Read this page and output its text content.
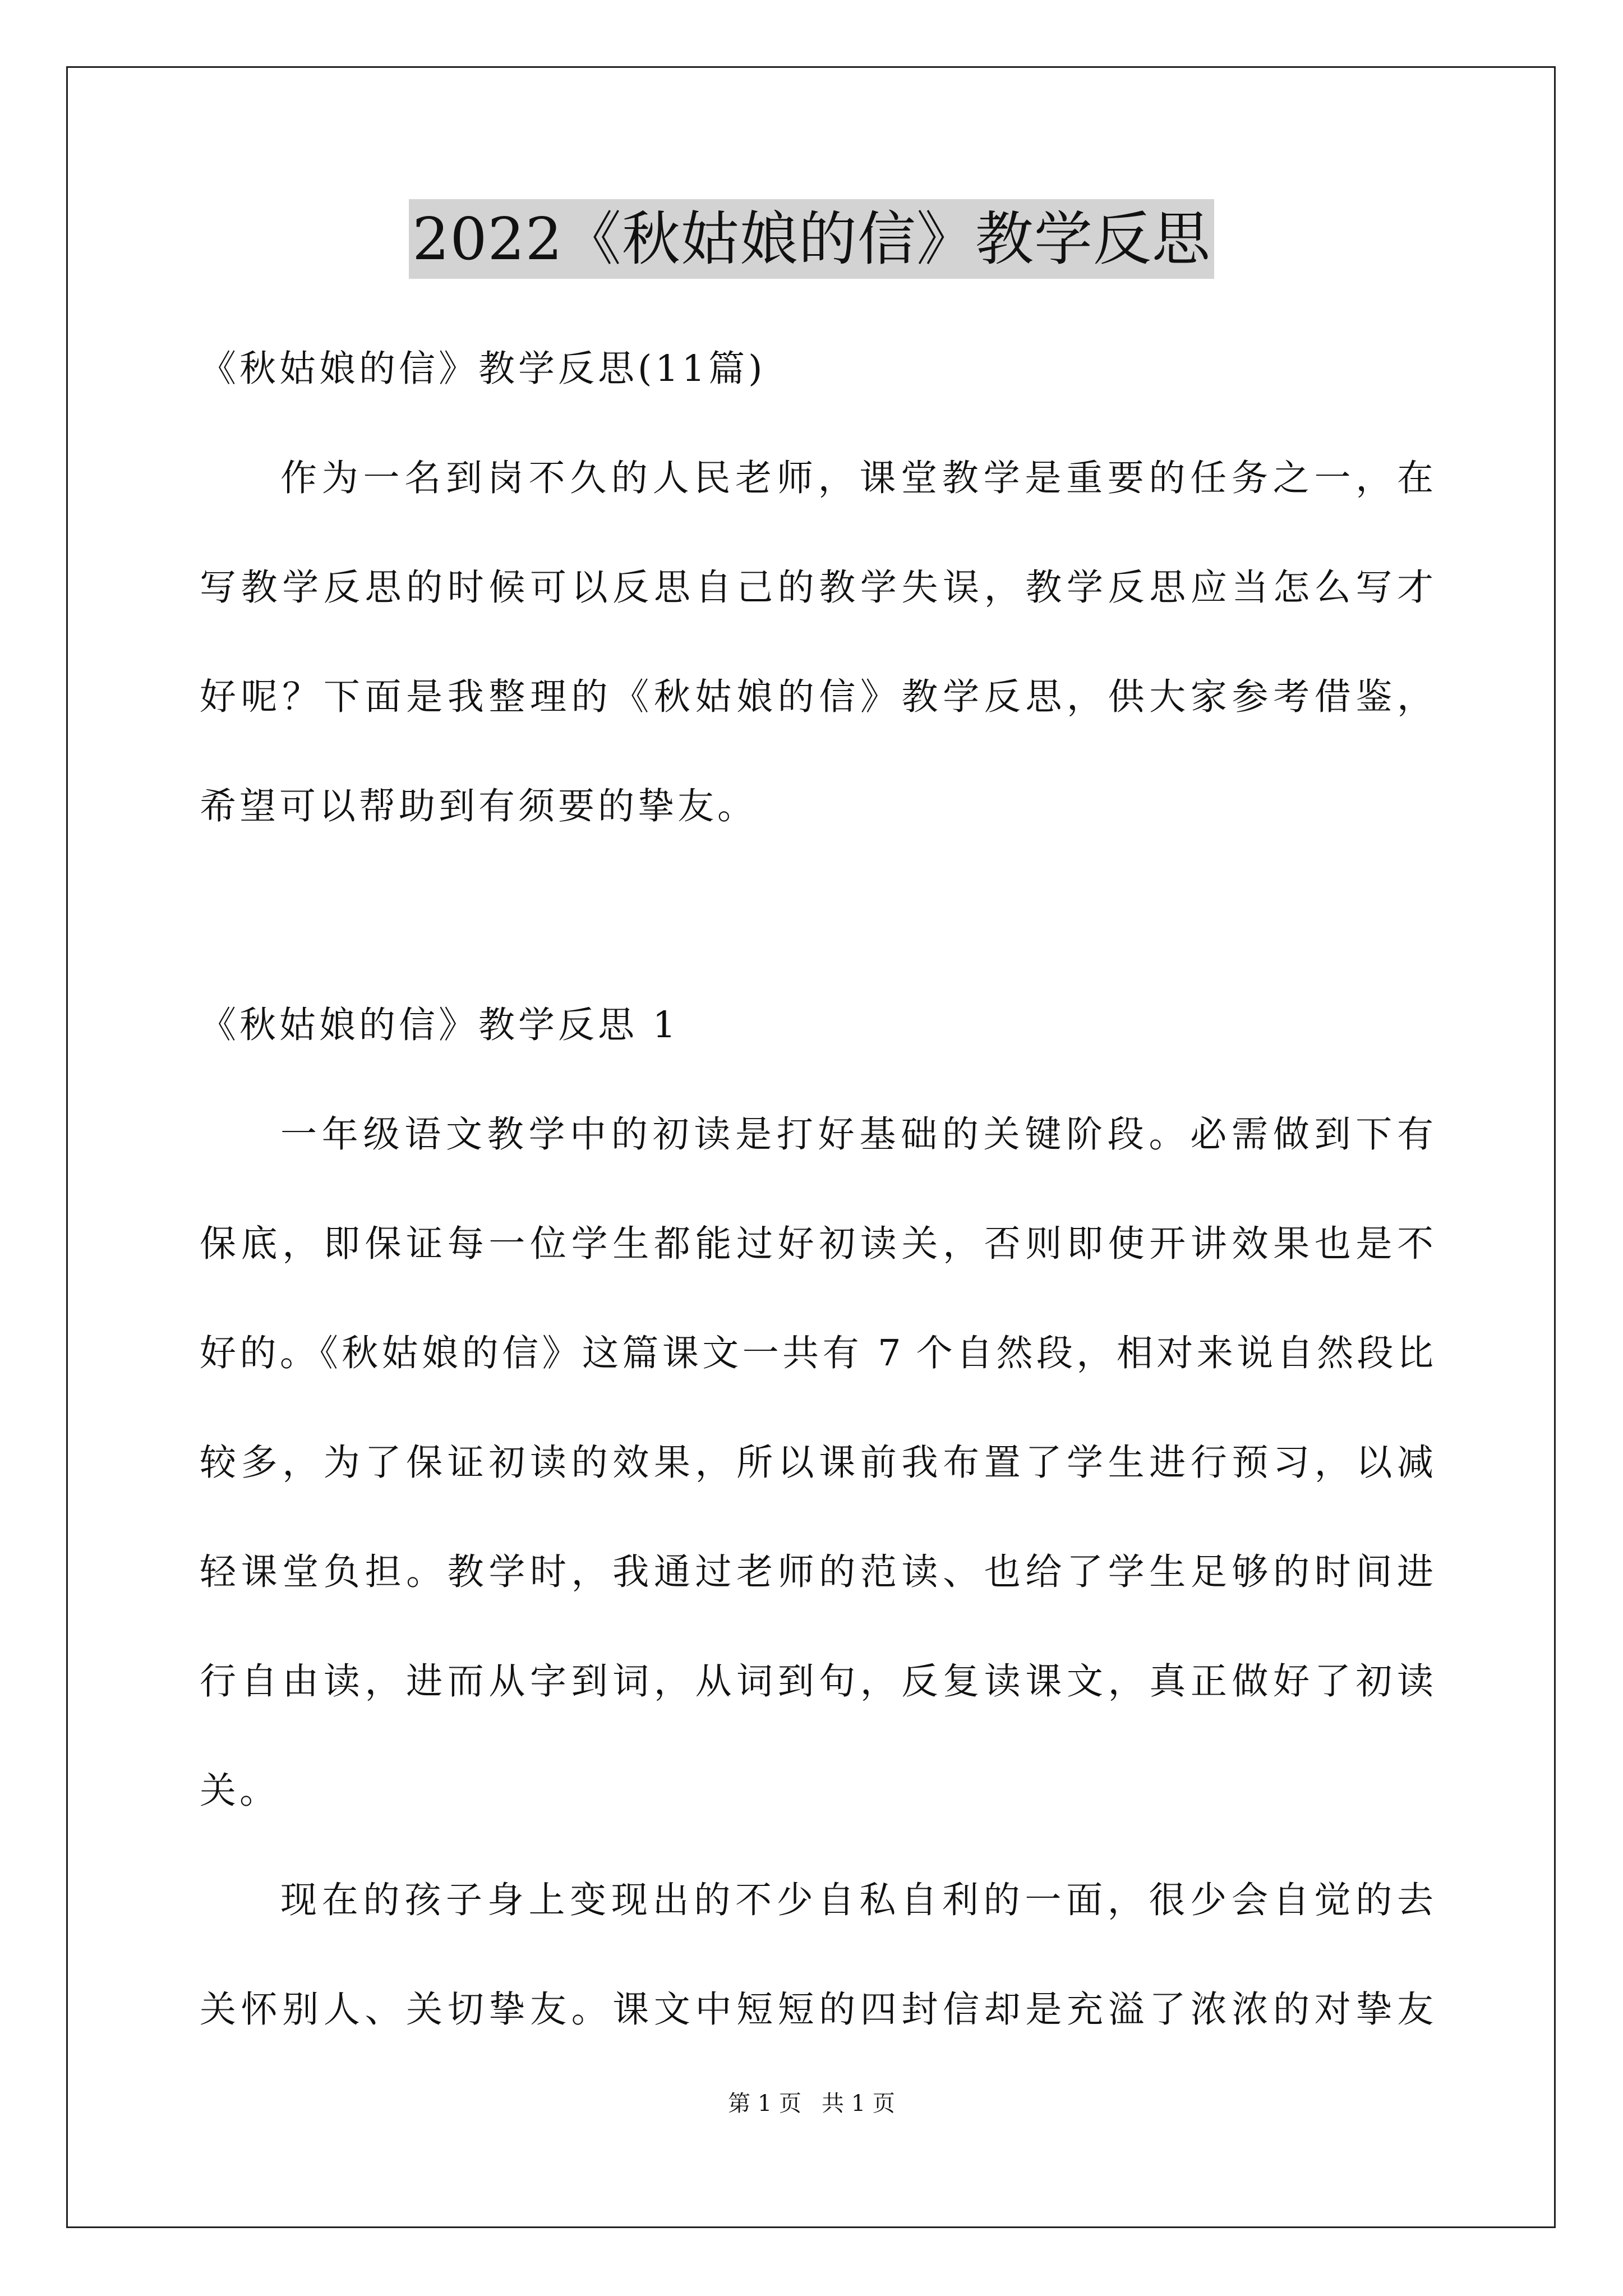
2022《秋姑娘的信》教学反思
《秋姑娘的信》教学反思(11篇)
作为一名到岗不久的人民老师，课堂教学是重要的任务之一，在
写教学反思的时候可以反思自己的教学失误，教学反思应当怎么写才
好呢？下面是我整理的《秋姑娘的信》教学反思，供大家参考借鉴，
希望可以帮助到有须要的挚友。
《秋姑娘的信》教学反思 1
一年级语文教学中的初读是打好基础的关键阶段。必需做到下有
保底，即保证每一位学生都能过好初读关，否则即使开讲效果也是不
好的。《秋姑娘的信》这篇课文一共有 7 个自然段，相对来说自然段比
较多，为了保证初读的效果，所以课前我布置了学生进行预习，以减
轻课堂负担。教学时，我通过老师的范读、也给了学生足够的时间进
行自由读，进而从字到词，从词到句，反复读课文，真正做好了初读
关。
现在的孩子身上变现出的不少自私自利的一面，很少会自觉的去
关怀别人、关切挚友。课文中短短的四封信却是充溢了浓浓的对挚友
第 1 页 共 1 页
